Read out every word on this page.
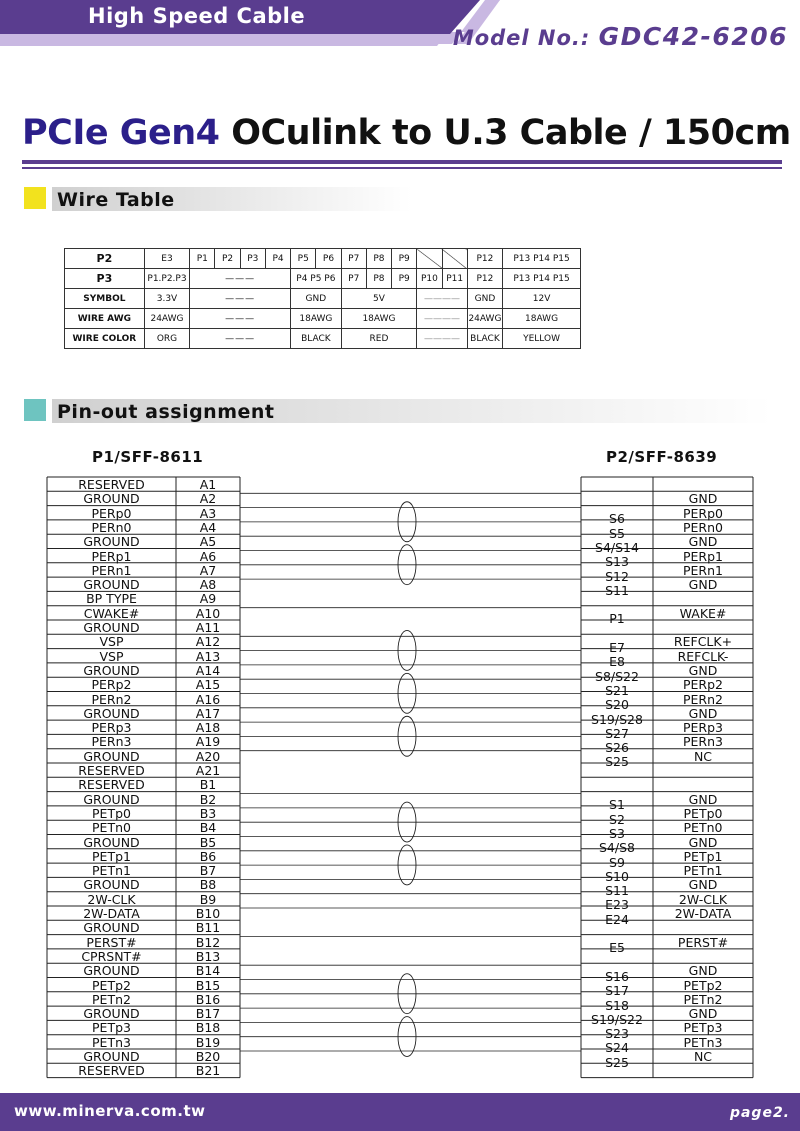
High Speed Cable
Model No.: GDC42-6206
PCIe Gen4 OCulink to U.3 Cable / 150cm
Wire Table
P2	E3	P1	P2	P3	P4	P5	P6	P7	P8	P9			P12	P13 P14 P15
P3	P1.P2.P3	———				P4 P5 P6		P7	P8	P9	P10	P11	P12	P13 P14 P15
SYMBOL	3.3V	———				GND		5V			————		GND	12V
WIRE AWG	24AWG	———				18AWG		18AWG			————		24AWG	18AWG
WIRE COLOR	ORG	———				BLACK		RED			————		BLACK	YELLOW
Pin-out assignment
P1/SFF-8611	P2/SFF-8639
RESERVED	A1
GROUND	A2
PERp0	A3
PERn0	A4
GROUND	A5
PERp1	A6
PERn1	A7
GROUND	A8
BP TYPE	A9
CWAKE#	A10
GROUND	A11
VSP	A12
VSP	A13
GROUND	A14
PERp2	A15
PERn2	A16
GROUND	A17
PERp3	A18
PERn3	A19
GROUND	A20
RESERVED	A21
RESERVED	B1
GROUND	B2
PETp0	B3
PETn0	B4
GROUND	B5
PETp1	B6
PETn1	B7
GROUND	B8
2W-CLK	B9
2W-DATA	B10
GROUND	B11
PERST#	B12
CPRSNT#	B13
GROUND	B14
PETp2	B15
PETn2	B16
GROUND	B17
PETp3	B18
PETn3	B19
GROUND	B20
RESERVED	B21
GND
S6	PERp0
S5	PERn0
S4/S14	GND
S13	PERp1
S12	PERn1
S11	GND
P1	WAKE#
E7	REFCLK+
E8	REFCLK-
S8/S22	GND
S21	PERp2
S20	PERn2
S19/S28	GND
S27	PERp3
S26	PERn3
S25	NC
S1	GND
S2	PETp0
S3	PETn0
S4/S8	GND
S9	PETp1
S10	PETn1
S11	GND
E23	2W-CLK
E24	2W-DATA
E5	PERST#
S16	GND
S17	PETp2
S18	PETn2
S19/S22	GND
S23	PETp3
S24	PETn3
S25	NC
www.minerva.com.tw	page2.
